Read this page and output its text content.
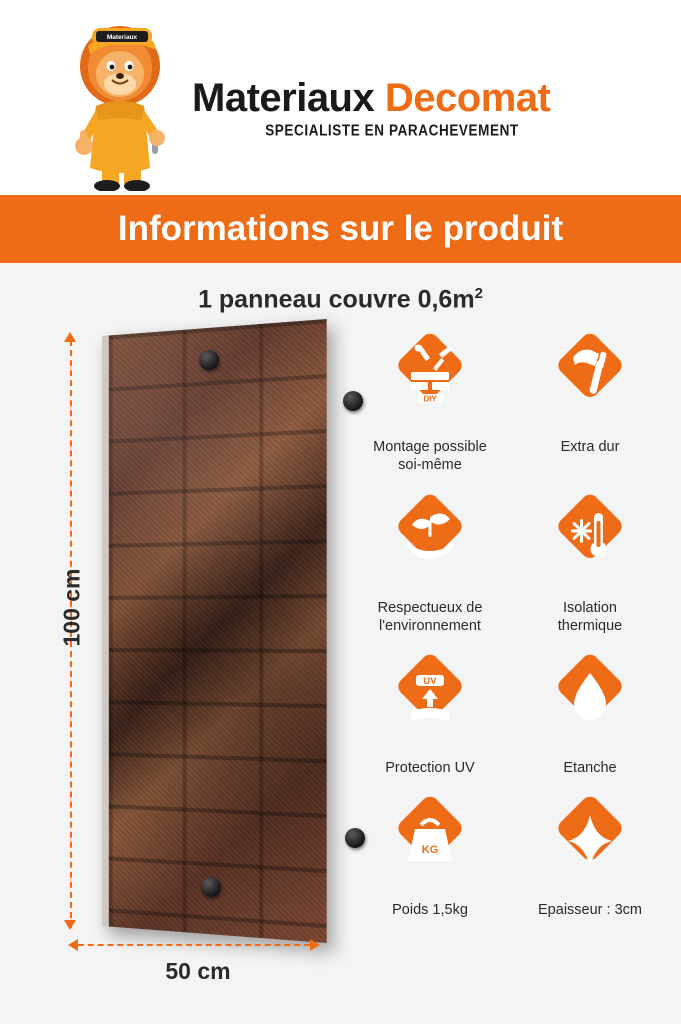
Materiaux
Materiaux Decomat
SPECIALISTE EN PARACHEVEMENT
Informations sur le produit
1 panneau couvre $0,6m^2$
100 cm
50 cm
DIY
Montage possible
soi-même
Extra dur
Respectueux de
l'environnement
Isolation
thermique
UV
Protection UV	Etanche
KG
Poids 1,5kg	Epaisseur : 3cm
